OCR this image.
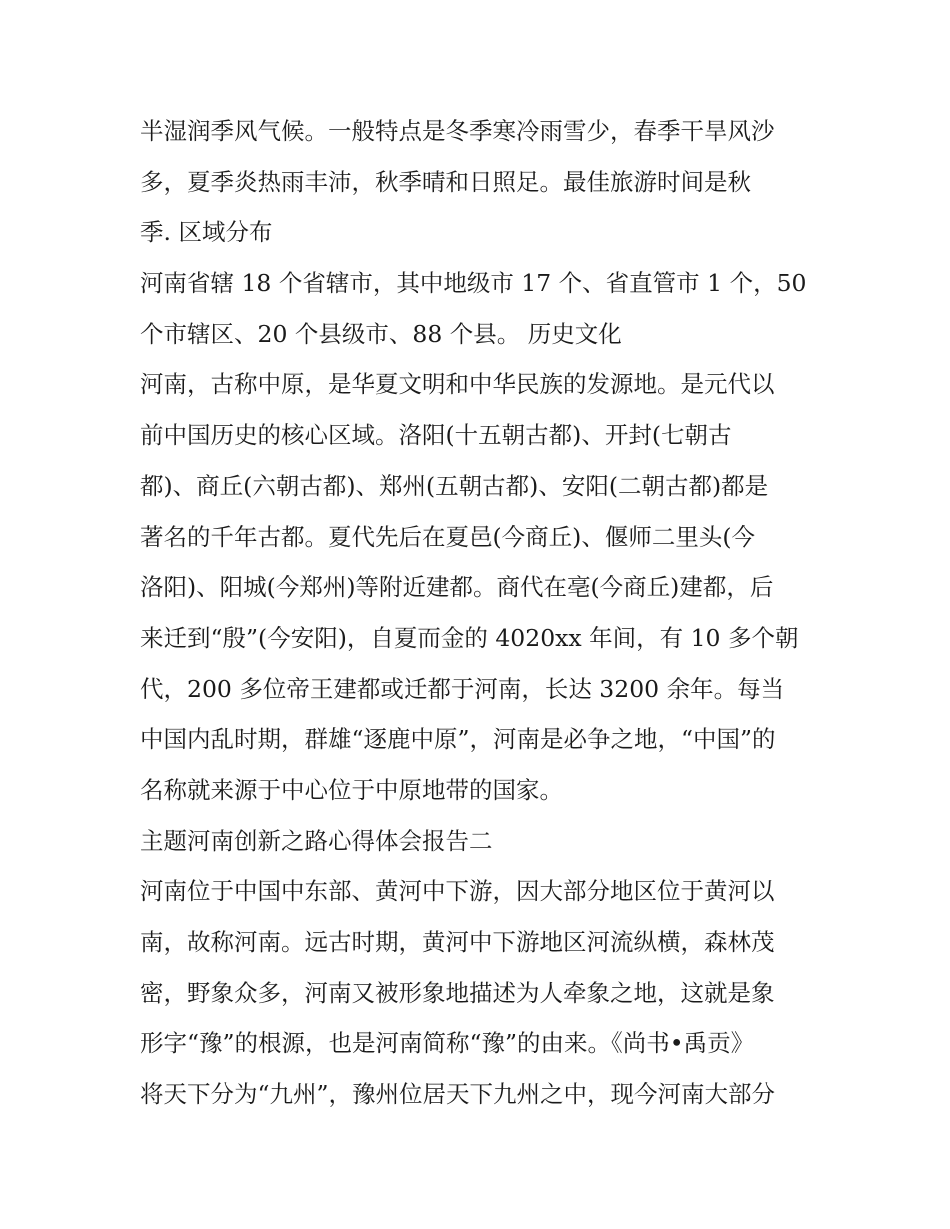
半湿润季风气候。一般特点是冬季寒冷雨雪少，春季干旱风沙
多，夏季炎热雨丰沛，秋季晴和日照足。最佳旅游时间是秋
季. 区域分布
河南省辖 18 个省辖市，其中地级市 17 个、省直管市 1 个，50
个市辖区、20 个县级市、88 个县。 历史文化
河南，古称中原，是华夏文明和中华民族的发源地。是元代以
前中国历史的核心区域。洛阳(十五朝古都)、开封(七朝古
都)、商丘(六朝古都)、郑州(五朝古都)、安阳(二朝古都)都是
著名的千年古都。夏代先后在夏邑(今商丘)、偃师二里头(今
洛阳)、阳城(今郑州)等附近建都。商代在亳(今商丘)建都，后
来迁到“殷”(今安阳)，自夏而金的 4020xx 年间，有 10 多个朝
代，200 多位帝王建都或迁都于河南，长达 3200 余年。每当
中国内乱时期，群雄“逐鹿中原”，河南是必争之地，“中国”的
名称就来源于中心位于中原地带的国家。
主题河南创新之路心得体会报告二
河南位于中国中东部、黄河中下游，因大部分地区位于黄河以
南，故称河南。远古时期，黄河中下游地区河流纵横，森林茂
密，野象众多，河南又被形象地描述为人牵象之地，这就是象
形字“豫”的根源，也是河南简称“豫”的由来。《尚书•禹贡》
将天下分为“九州”，豫州位居天下九州之中，现今河南大部分
